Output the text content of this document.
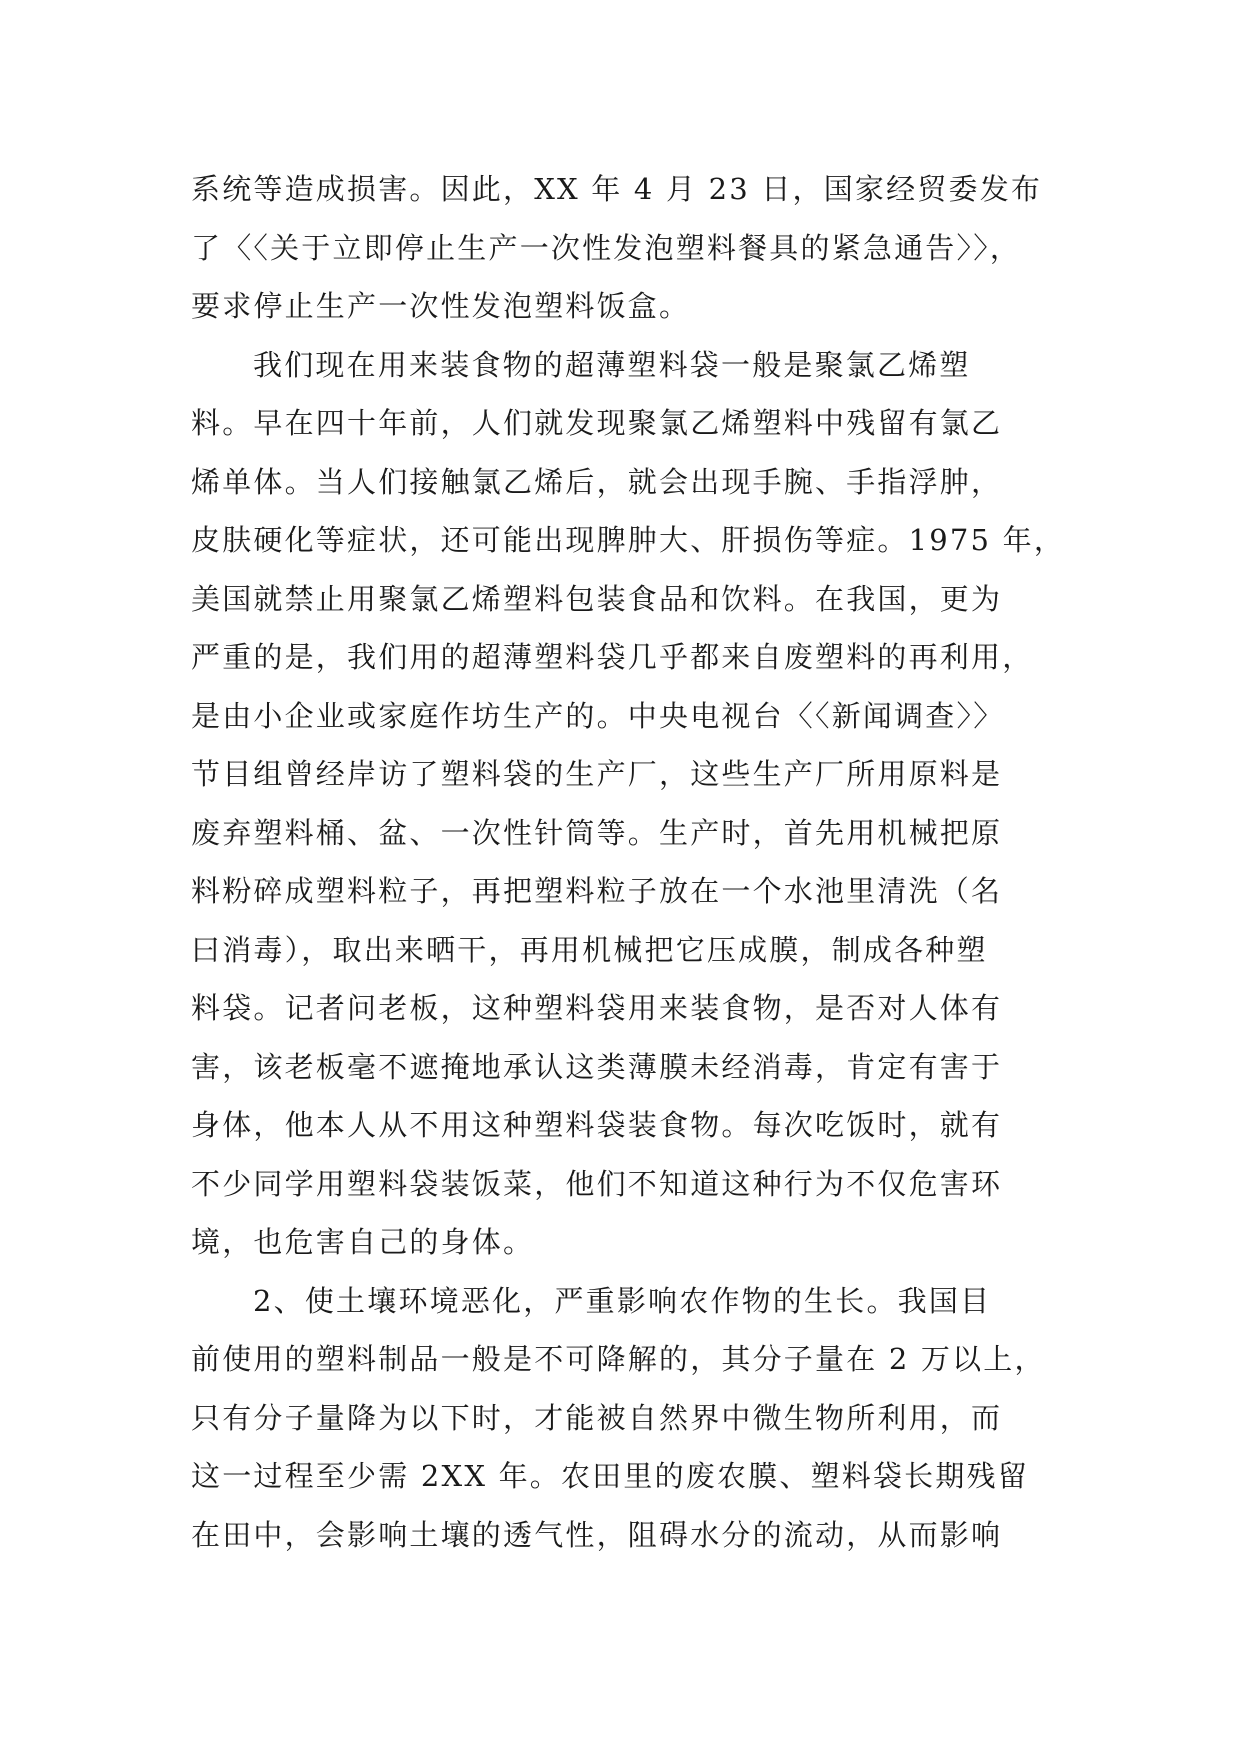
系统等造成损害。因此，XX 年 4 月 23 日，国家经贸委发布
了〈〈关于立即停止生产一次性发泡塑料餐具的紧急通告〉〉，
要求停止生产一次性发泡塑料饭盒。
我们现在用来装食物的超薄塑料袋一般是聚氯乙烯塑
料。早在四十年前，人们就发现聚氯乙烯塑料中残留有氯乙
烯单体。当人们接触氯乙烯后，就会出现手腕、手指浮肿，
皮肤硬化等症状，还可能出现脾肿大、肝损伤等症。1975 年，
美国就禁止用聚氯乙烯塑料包装食品和饮料。在我国，更为
严重的是，我们用的超薄塑料袋几乎都来自废塑料的再利用，
是由小企业或家庭作坊生产的。中央电视台〈〈新闻调查〉〉
节目组曾经岸访了塑料袋的生产厂，这些生产厂所用原料是
废弃塑料桶、盆、一次性针筒等。生产时，首先用机械把原
料粉碎成塑料粒子，再把塑料粒子放在一个水池里清洗（名
曰消毒），取出来晒干，再用机械把它压成膜，制成各种塑
料袋。记者问老板，这种塑料袋用来装食物，是否对人体有
害，该老板毫不遮掩地承认这类薄膜未经消毒，肯定有害于
身体，他本人从不用这种塑料袋装食物。每次吃饭时，就有
不少同学用塑料袋装饭菜，他们不知道这种行为不仅危害环
境，也危害自己的身体。
2、使土壤环境恶化，严重影响农作物的生长。我国目
前使用的塑料制品一般是不可降解的，其分子量在 2 万以上，
只有分子量降为以下时，才能被自然界中微生物所利用，而
这一过程至少需 2XX 年。农田里的废农膜、塑料袋长期残留
在田中，会影响土壤的透气性，阻碍水分的流动，从而影响
